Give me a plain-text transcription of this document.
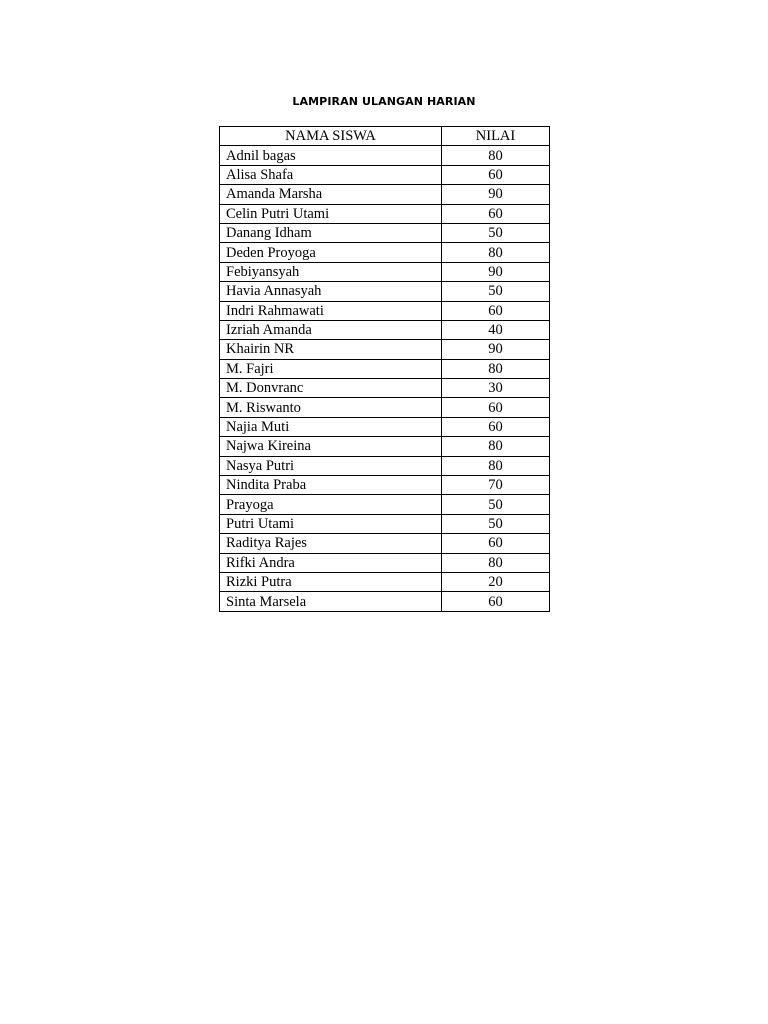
LAMPIRAN ULANGAN HARIAN
NAMA SISWA	NILAI
Adnil bagas	80
Alisa Shafa	60
Amanda Marsha	90
Celin Putri Utami	60
Danang Idham	50
Deden Proyoga	80
Febiyansyah	90
Havia Annasyah	50
Indri Rahmawati	60
Izriah Amanda	40
Khairin NR	90
M. Fajri	80
M. Donvranc	30
M. Riswanto	60
Najia Muti	60
Najwa Kireina	80
Nasya Putri	80
Nindita Praba	70
Prayoga	50
Putri Utami	50
Raditya Rajes	60
Rifki Andra	80
Rizki Putra	20
Sinta Marsela	60
